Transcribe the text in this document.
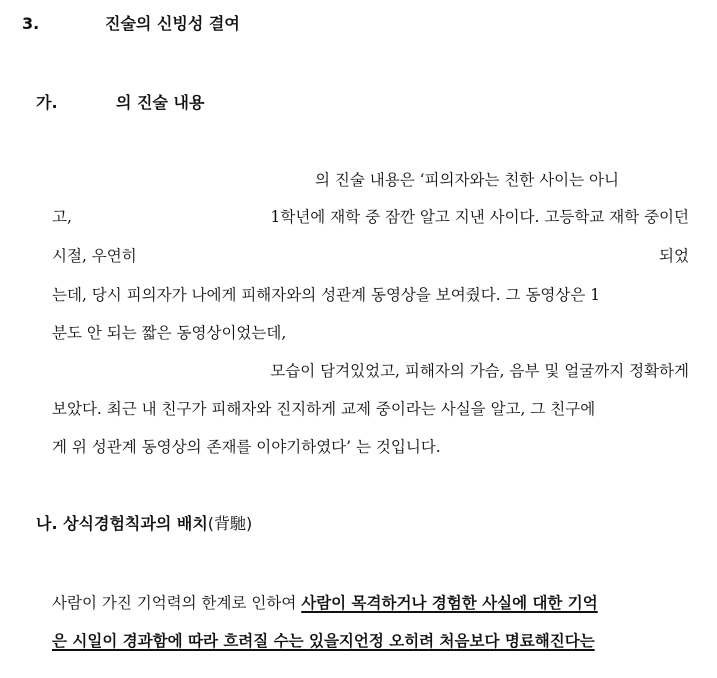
3.	진술의 신빙성 결여
가.	의 진술 내용
의 진술 내용은 ‘피의자와는 친한 사이는 아니
고,	1학년에 재학 중 잠깐 알고 지낸 사이다. 고등학교 재학 중이던
시절, 우연히	되었
는데, 당시 피의자가 나에게 피해자와의 성관계 동영상을 보여줬다. 그 동영상은 1
분도 안 되는 짧은 동영상이었는데,
모습이 담겨있었고, 피해자의 가슴, 음부 및 얼굴까지 정확하게
보았다. 최근 내 친구가 피해자와 진지하게 교제 중이라는 사실을 알고, 그 친구에
게 위 성관계 동영상의 존재를 이야기하였다’ 는 것입니다.
나. 상식경험칙과의 배치(背馳)
사람이 가진 기억력의 한계로 인하여 사람이 목격하거나 경험한 사실에 대한 기억
은 시일이 경과함에 따라 흐려질 수는 있을지언정 오히려 처음보다 명료해진다는
